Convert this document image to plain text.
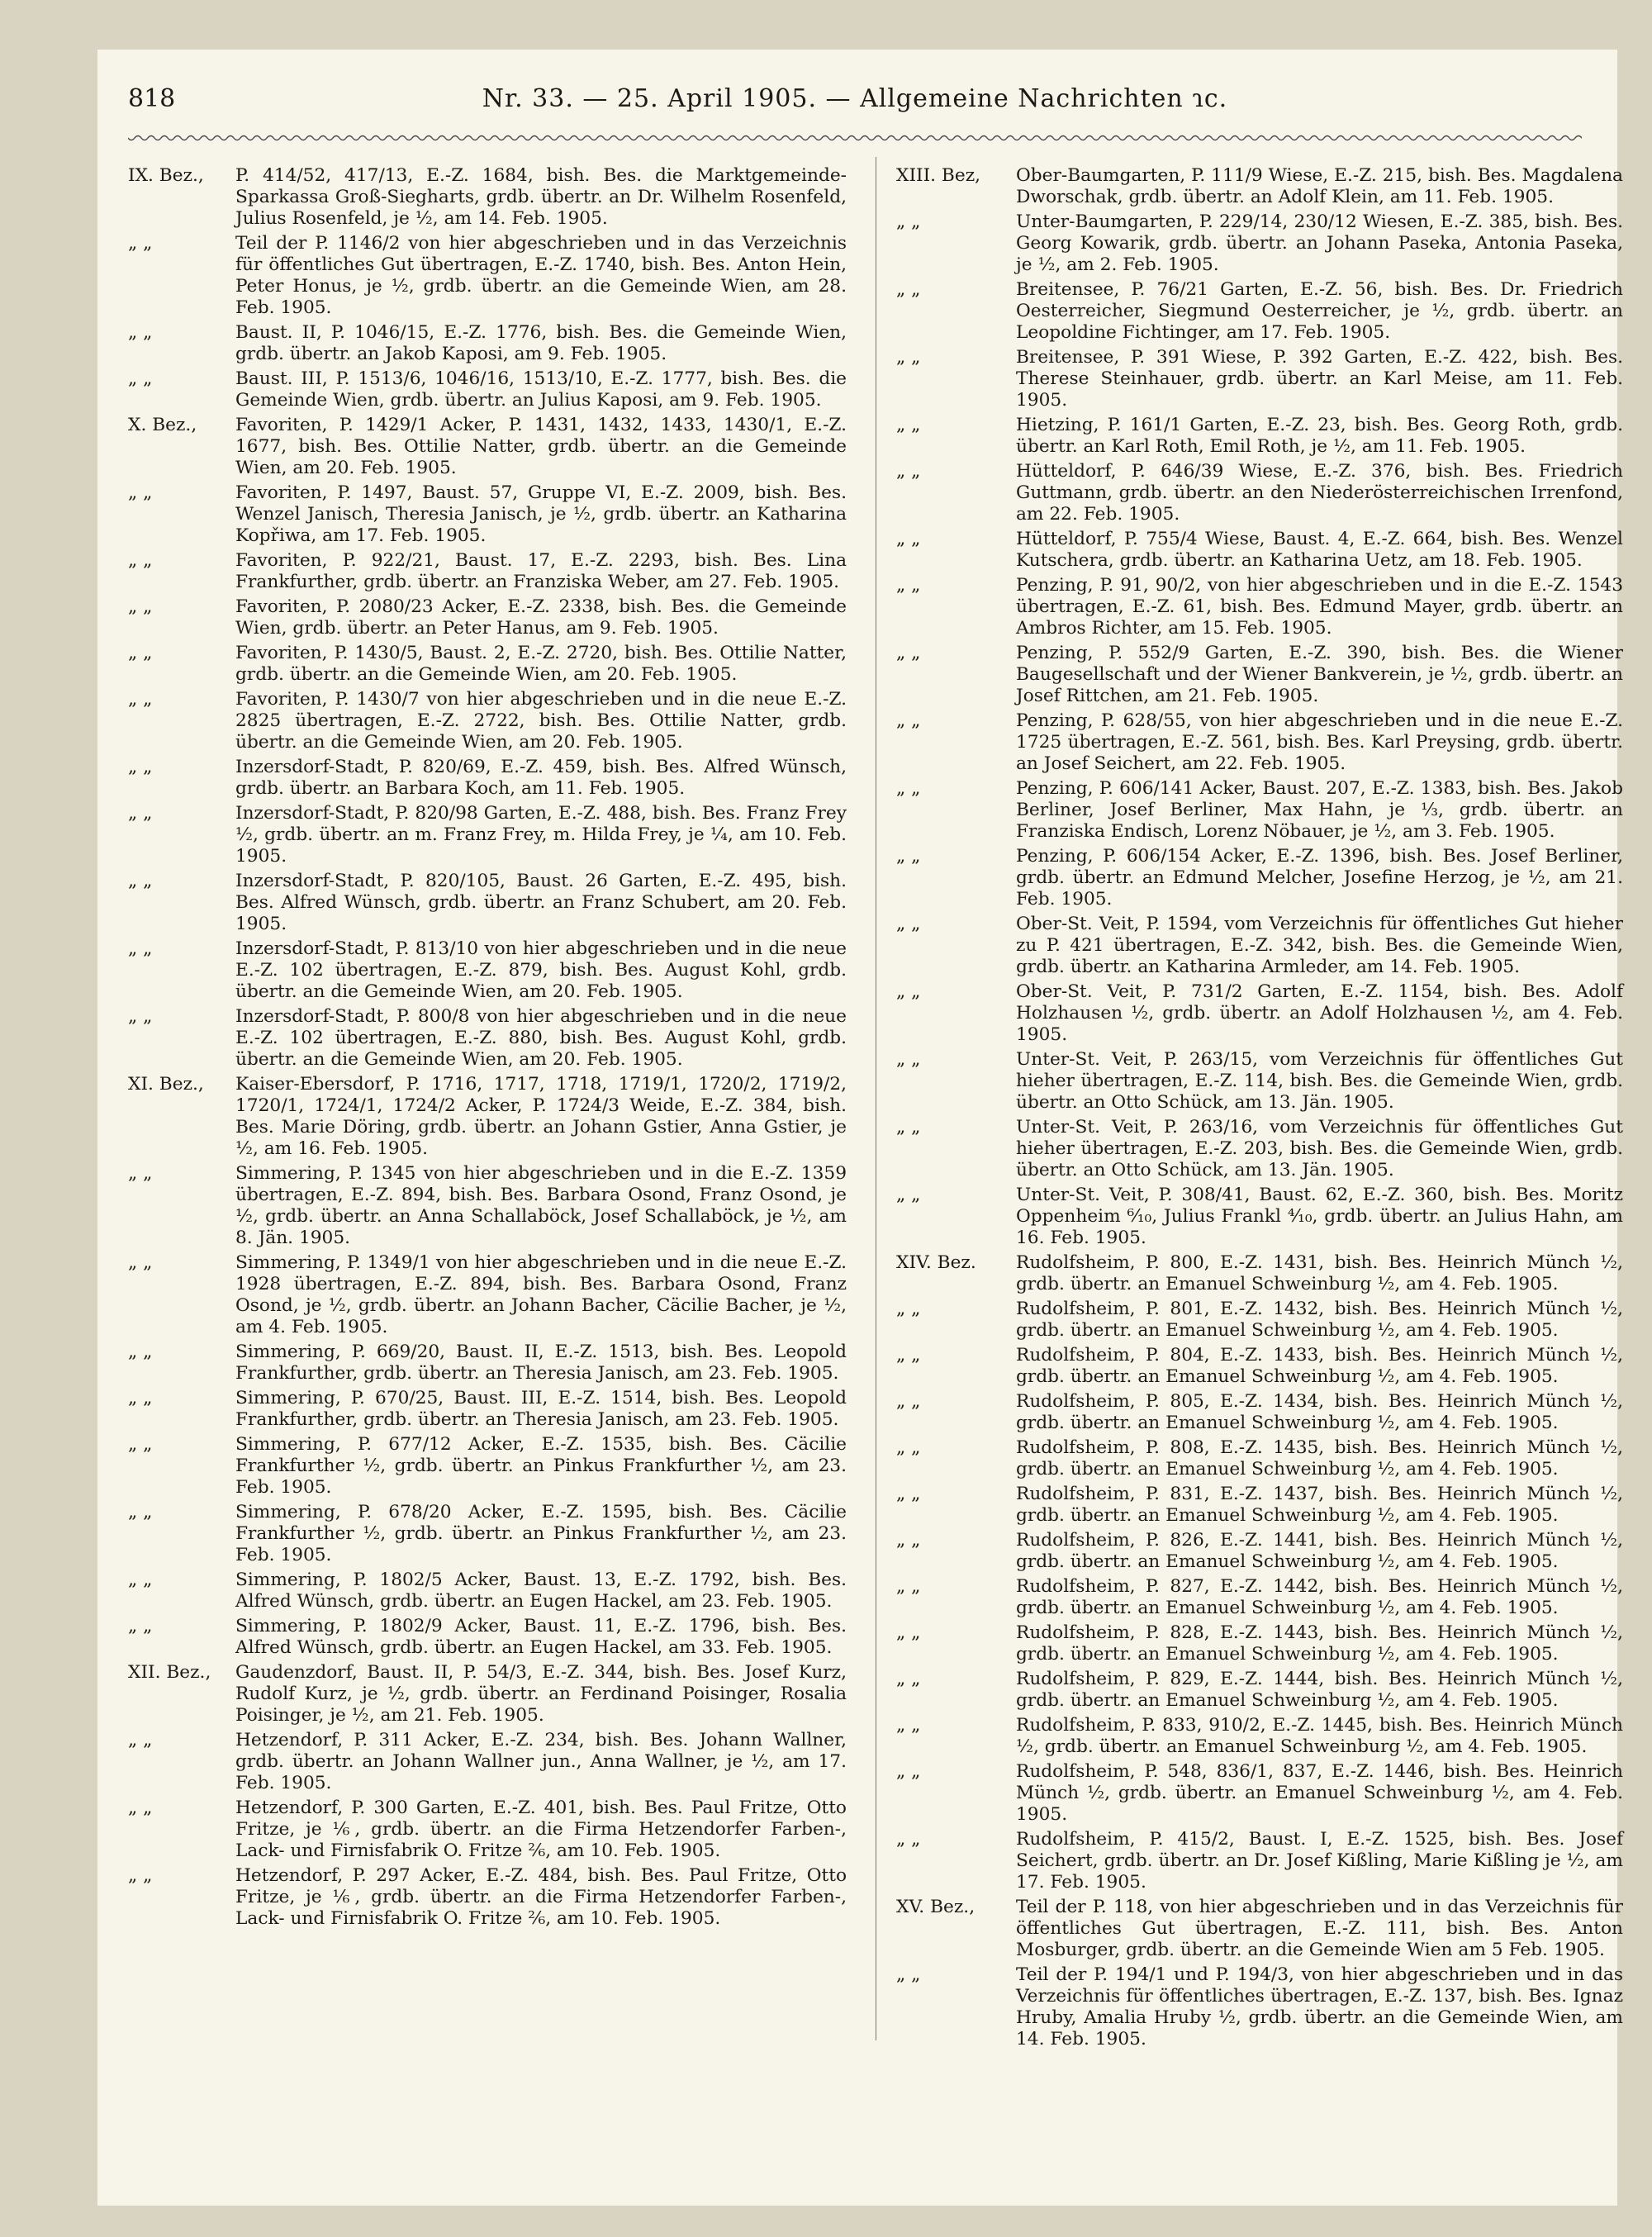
Nr. 33. — 25. April 1905. — Allgemeine Nachrichten ɿc.
818
IX. Bez.,	P. 414/52, 417/13, E.-Z. 1684, bish. Bes. die Marktgemeinde-Sparkassa Groß-Siegharts, grdb. übertr. an Dr. Wilhelm Rosenfeld, Julius Rosenfeld, je ½, am 14. Feb. 1905.
„ „	Teil der P. 1146/2 von hier abgeschrieben und in das Verzeichnis für öffentliches Gut übertragen, E.-Z. 1740, bish. Bes. Anton Hein, Peter Honus, je ½, grdb. übertr. an die Gemeinde Wien, am 28. Feb. 1905.
„ „	Baust. II, P. 1046/15, E.-Z. 1776, bish. Bes. die Gemeinde Wien, grdb. übertr. an Jakob Kaposi, am 9. Feb. 1905.
„ „	Baust. III, P. 1513/6, 1046/16, 1513/10, E.-Z. 1777, bish. Bes. die Gemeinde Wien, grdb. übertr. an Julius Kaposi, am 9. Feb. 1905.
X. Bez.,	Favoriten, P. 1429/1 Acker, P. 1431, 1432, 1433, 1430/1, E.-Z. 1677, bish. Bes. Ottilie Natter, grdb. übertr. an die Gemeinde Wien, am 20. Feb. 1905.
„ „	Favoriten, P. 1497, Baust. 57, Gruppe VI, E.-Z. 2009, bish. Bes. Wenzel Janisch, Theresia Janisch, je ½, grdb. übertr. an Katharina Kopřiwa, am 17. Feb. 1905.
„ „	Favoriten, P. 922/21, Baust. 17, E.-Z. 2293, bish. Bes. Lina Frankfurther, grdb. übertr. an Franziska Weber, am 27. Feb. 1905.
„ „	Favoriten, P. 2080/23 Acker, E.-Z. 2338, bish. Bes. die Gemeinde Wien, grdb. übertr. an Peter Hanus, am 9. Feb. 1905.
„ „	Favoriten, P. 1430/5, Baust. 2, E.-Z. 2720, bish. Bes. Ottilie Natter, grdb. übertr. an die Gemeinde Wien, am 20. Feb. 1905.
„ „	Favoriten, P. 1430/7 von hier abgeschrieben und in die neue E.-Z. 2825 übertragen, E.-Z. 2722, bish. Bes. Ottilie Natter, grdb. übertr. an die Gemeinde Wien, am 20. Feb. 1905.
„ „	Inzersdorf-Stadt, P. 820/69, E.-Z. 459, bish. Bes. Alfred Wünsch, grdb. übertr. an Barbara Koch, am 11. Feb. 1905.
„ „	Inzersdorf-Stadt, P. 820/98 Garten, E.-Z. 488, bish. Bes. Franz Frey ½, grdb. übertr. an m. Franz Frey, m. Hilda Frey, je ¼, am 10. Feb. 1905.
„ „	Inzersdorf-Stadt, P. 820/105, Baust. 26 Garten, E.-Z. 495, bish. Bes. Alfred Wünsch, grdb. übertr. an Franz Schubert, am 20. Feb. 1905.
„ „	Inzersdorf-Stadt, P. 813/10 von hier abgeschrieben und in die neue E.-Z. 102 übertragen, E.-Z. 879, bish. Bes. August Kohl, grdb. übertr. an die Gemeinde Wien, am 20. Feb. 1905.
„ „	Inzersdorf-Stadt, P. 800/8 von hier abgeschrieben und in die neue E.-Z. 102 übertragen, E.-Z. 880, bish. Bes. August Kohl, grdb. übertr. an die Gemeinde Wien, am 20. Feb. 1905.
XI. Bez.,	Kaiser-Ebersdorf, P. 1716, 1717, 1718, 1719/1, 1720/2, 1719/2, 1720/1, 1724/1, 1724/2 Acker, P. 1724/3 Weide, E.-Z. 384, bish. Bes. Marie Döring, grdb. übertr. an Johann Gstier, Anna Gstier, je ½, am 16. Feb. 1905.
„ „	Simmering, P. 1345 von hier abgeschrieben und in die E.-Z. 1359 übertragen, E.-Z. 894, bish. Bes. Barbara Osond, Franz Osond, je ½, grdb. übertr. an Anna Schallaböck, Josef Schallaböck, je ½, am 8. Jän. 1905.
„ „	Simmering, P. 1349/1 von hier abgeschrieben und in die neue E.-Z. 1928 übertragen, E.-Z. 894, bish. Bes. Barbara Osond, Franz Osond, je ½, grdb. übertr. an Johann Bacher, Cäcilie Bacher, je ½, am 4. Feb. 1905.
„ „	Simmering, P. 669/20, Baust. II, E.-Z. 1513, bish. Bes. Leopold Frankfurther, grdb. übertr. an Theresia Janisch, am 23. Feb. 1905.
„ „	Simmering, P. 670/25, Baust. III, E.-Z. 1514, bish. Bes. Leopold Frankfurther, grdb. übertr. an Theresia Janisch, am 23. Feb. 1905.
„ „	Simmering, P. 677/12 Acker, E.-Z. 1535, bish. Bes. Cäcilie Frankfurther ½, grdb. übertr. an Pinkus Frankfurther ½, am 23. Feb. 1905.
„ „	Simmering, P. 678/20 Acker, E.-Z. 1595, bish. Bes. Cäcilie Frankfurther ½, grdb. übertr. an Pinkus Frankfurther ½, am 23. Feb. 1905.
„ „	Simmering, P. 1802/5 Acker, Baust. 13, E.-Z. 1792, bish. Bes. Alfred Wünsch, grdb. übertr. an Eugen Hackel, am 23. Feb. 1905.
„ „	Simmering, P. 1802/9 Acker, Baust. 11, E.-Z. 1796, bish. Bes. Alfred Wünsch, grdb. übertr. an Eugen Hackel, am 33. Feb. 1905.
XII. Bez.,	Gaudenzdorf, Baust. II, P. 54/3, E.-Z. 344, bish. Bes. Josef Kurz, Rudolf Kurz, je ½, grdb. übertr. an Ferdinand Poisinger, Rosalia Poisinger, je ½, am 21. Feb. 1905.
„ „	Hetzendorf, P. 311 Acker, E.-Z. 234, bish. Bes. Johann Wallner, grdb. übertr. an Johann Wallner jun., Anna Wallner, je ½, am 17. Feb. 1905.
„ „	Hetzendorf, P. 300 Garten, E.-Z. 401, bish. Bes. Paul Fritze, Otto Fritze, je ⅙, grdb. übertr. an die Firma Hetzendorfer Farben-, Lack- und Firnisfabrik O. Fritze ²⁄₆, am 10. Feb. 1905.
„ „	Hetzendorf, P. 297 Acker, E.-Z. 484, bish. Bes. Paul Fritze, Otto Fritze, je ⅙, grdb. übertr. an die Firma Hetzendorfer Farben-, Lack- und Firnisfabrik O. Fritze ²⁄₆, am 10. Feb. 1905.
XIII. Bez,	Ober-Baumgarten, P. 111/9 Wiese, E.-Z. 215, bish. Bes. Magdalena Dworschak, grdb. übertr. an Adolf Klein, am 11. Feb. 1905.
„ „	Unter-Baumgarten, P. 229/14, 230/12 Wiesen, E.-Z. 385, bish. Bes. Georg Kowarik, grdb. übertr. an Johann Paseka, Antonia Paseka, je ½, am 2. Feb. 1905.
„ „	Breitensee, P. 76/21 Garten, E.-Z. 56, bish. Bes. Dr. Friedrich Oesterreicher, Siegmund Oesterreicher, je ½, grdb. übertr. an Leopoldine Fichtinger, am 17. Feb. 1905.
„ „	Breitensee, P. 391 Wiese, P. 392 Garten, E.-Z. 422, bish. Bes. Therese Steinhauer, grdb. übertr. an Karl Meise, am 11. Feb. 1905.
„ „	Hietzing, P. 161/1 Garten, E.-Z. 23, bish. Bes. Georg Roth, grdb. übertr. an Karl Roth, Emil Roth, je ½, am 11. Feb. 1905.
„ „	Hütteldorf, P. 646/39 Wiese, E.-Z. 376, bish. Bes. Friedrich Guttmann, grdb. übertr. an den Niederösterreichischen Irrenfond, am 22. Feb. 1905.
„ „	Hütteldorf, P. 755/4 Wiese, Baust. 4, E.-Z. 664, bish. Bes. Wenzel Kutschera, grdb. übertr. an Katharina Uetz, am 18. Feb. 1905.
„ „	Penzing, P. 91, 90/2, von hier abgeschrieben und in die E.-Z. 1543 übertragen, E.-Z. 61, bish. Bes. Edmund Mayer, grdb. übertr. an Ambros Richter, am 15. Feb. 1905.
„ „	Penzing, P. 552/9 Garten, E.-Z. 390, bish. Bes. die Wiener Baugesellschaft und der Wiener Bankverein, je ½, grdb. übertr. an Josef Rittchen, am 21. Feb. 1905.
„ „	Penzing, P. 628/55, von hier abgeschrieben und in die neue E.-Z. 1725 übertragen, E.-Z. 561, bish. Bes. Karl Preysing, grdb. übertr. an Josef Seichert, am 22. Feb. 1905.
„ „	Penzing, P. 606/141 Acker, Baust. 207, E.-Z. 1383, bish. Bes. Jakob Berliner, Josef Berliner, Max Hahn, je ⅓, grdb. übertr. an Franziska Endisch, Lorenz Nöbauer, je ½, am 3. Feb. 1905.
„ „	Penzing, P. 606/154 Acker, E.-Z. 1396, bish. Bes. Josef Berliner, grdb. übertr. an Edmund Melcher, Josefine Herzog, je ½, am 21. Feb. 1905.
„ „	Ober-St. Veit, P. 1594, vom Verzeichnis für öffentliches Gut hieher zu P. 421 übertragen, E.-Z. 342, bish. Bes. die Gemeinde Wien, grdb. übertr. an Katharina Armleder, am 14. Feb. 1905.
„ „	Ober-St. Veit, P. 731/2 Garten, E.-Z. 1154, bish. Bes. Adolf Holzhausen ½, grdb. übertr. an Adolf Holzhausen ½, am 4. Feb. 1905.
„ „	Unter-St. Veit, P. 263/15, vom Verzeichnis für öffentliches Gut hieher übertragen, E.-Z. 114, bish. Bes. die Gemeinde Wien, grdb. übertr. an Otto Schück, am 13. Jän. 1905.
„ „	Unter-St. Veit, P. 263/16, vom Verzeichnis für öffentliches Gut hieher übertragen, E.-Z. 203, bish. Bes. die Gemeinde Wien, grdb. übertr. an Otto Schück, am 13. Jän. 1905.
„ „	Unter-St. Veit, P. 308/41, Baust. 62, E.-Z. 360, bish. Bes. Moritz Oppenheim ⁶⁄₁₀, Julius Frankl ⁴⁄₁₀, grdb. übertr. an Julius Hahn, am 16. Feb. 1905.
XIV. Bez.	Rudolfsheim, P. 800, E.-Z. 1431, bish. Bes. Heinrich Münch ½, grdb. übertr. an Emanuel Schweinburg ½, am 4. Feb. 1905.
„ „	Rudolfsheim, P. 801, E.-Z. 1432, bish. Bes. Heinrich Münch ½, grdb. übertr. an Emanuel Schweinburg ½, am 4. Feb. 1905.
„ „	Rudolfsheim, P. 804, E.-Z. 1433, bish. Bes. Heinrich Münch ½, grdb. übertr. an Emanuel Schweinburg ½, am 4. Feb. 1905.
„ „	Rudolfsheim, P. 805, E.-Z. 1434, bish. Bes. Heinrich Münch ½, grdb. übertr. an Emanuel Schweinburg ½, am 4. Feb. 1905.
„ „	Rudolfsheim, P. 808, E.-Z. 1435, bish. Bes. Heinrich Münch ½, grdb. übertr. an Emanuel Schweinburg ½, am 4. Feb. 1905.
„ „	Rudolfsheim, P. 831, E.-Z. 1437, bish. Bes. Heinrich Münch ½, grdb. übertr. an Emanuel Schweinburg ½, am 4. Feb. 1905.
„ „	Rudolfsheim, P. 826, E.-Z. 1441, bish. Bes. Heinrich Münch ½, grdb. übertr. an Emanuel Schweinburg ½, am 4. Feb. 1905.
„ „	Rudolfsheim, P. 827, E.-Z. 1442, bish. Bes. Heinrich Münch ½, grdb. übertr. an Emanuel Schweinburg ½, am 4. Feb. 1905.
„ „	Rudolfsheim, P. 828, E.-Z. 1443, bish. Bes. Heinrich Münch ½, grdb. übertr. an Emanuel Schweinburg ½, am 4. Feb. 1905.
„ „	Rudolfsheim, P. 829, E.-Z. 1444, bish. Bes. Heinrich Münch ½, grdb. übertr. an Emanuel Schweinburg ½, am 4. Feb. 1905.
„ „	Rudolfsheim, P. 833, 910/2, E.-Z. 1445, bish. Bes. Heinrich Münch ½, grdb. übertr. an Emanuel Schweinburg ½, am 4. Feb. 1905.
„ „	Rudolfsheim, P. 548, 836/1, 837, E.-Z. 1446, bish. Bes. Heinrich Münch ½, grdb. übertr. an Emanuel Schweinburg ½, am 4. Feb. 1905.
„ „	Rudolfsheim, P. 415/2, Baust. I, E.-Z. 1525, bish. Bes. Josef Seichert, grdb. übertr. an Dr. Josef Kißling, Marie Kißling je ½, am 17. Feb. 1905.
XV. Bez.,	Teil der P. 118, von hier abgeschrieben und in das Verzeichnis für öffentliches Gut übertragen, E.-Z. 111, bish. Bes. Anton Mosburger, grdb. übertr. an die Gemeinde Wien am 5 Feb. 1905.
„ „	Teil der P. 194/1 und P. 194/3, von hier abgeschrieben und in das Verzeichnis für öffentliches übertragen, E.-Z. 137, bish. Bes. Ignaz Hruby, Amalia Hruby ½, grdb. übertr. an die Gemeinde Wien, am 14. Feb. 1905.
